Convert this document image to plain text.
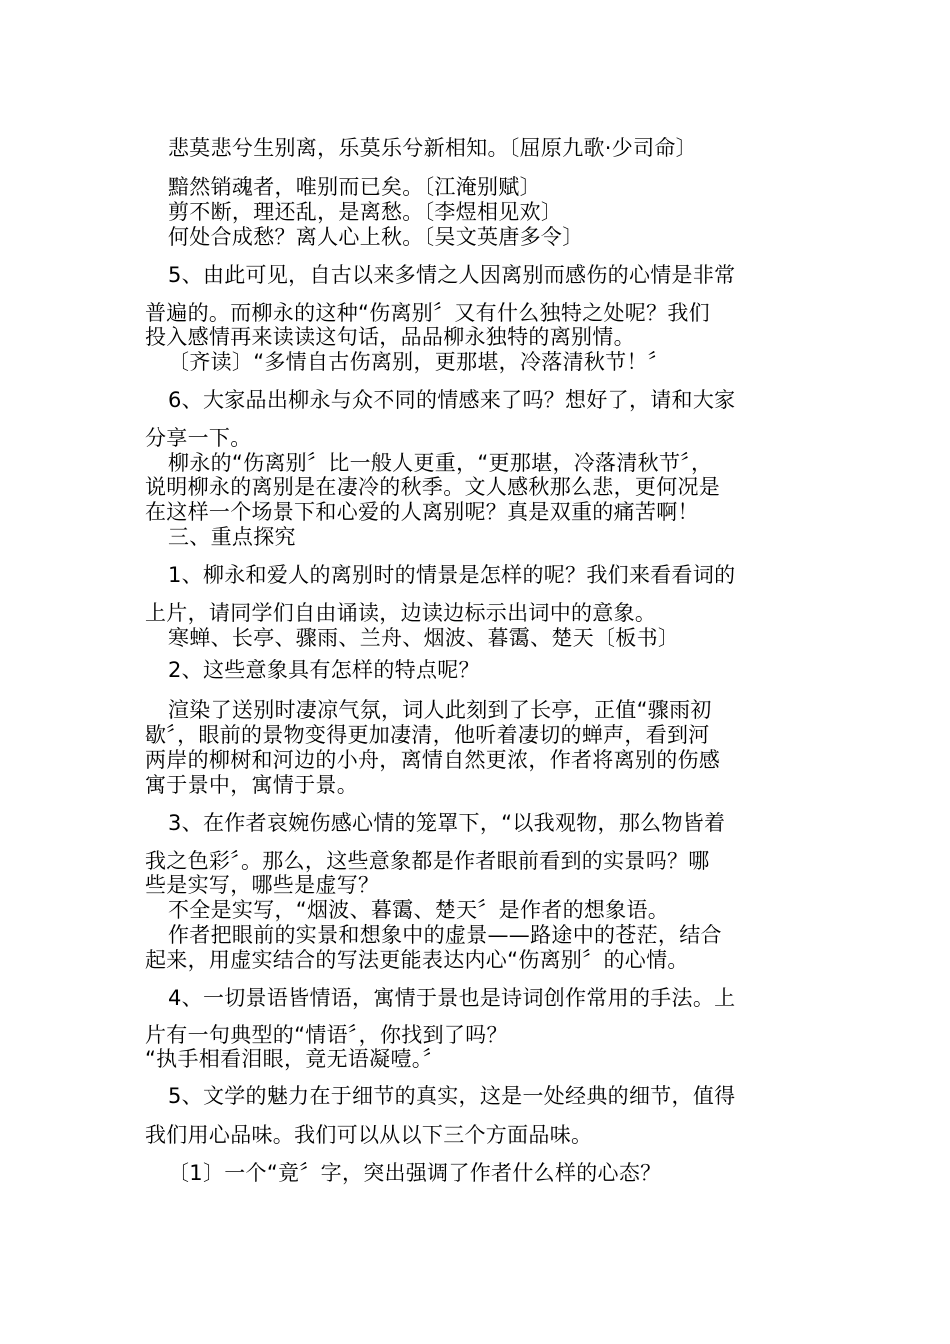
悲莫悲兮生别离，乐莫乐兮新相知。〔屈原九歌·少司命〕
黯然销魂者，唯别而已矣。〔江淹别赋〕
剪不断，理还乱，是离愁。〔李煜相见欢〕
何处合成愁？离人心上秋。〔吴文英唐多令〕
5、由此可见，自古以来多情之人因离别而感伤的心情是非常
普遍的。而柳永的这种“伤离别〞又有什么独特之处呢？我们
投入感情再来读读这句话，品品柳永独特的离别情。
〔齐读〕“多情自古伤离别，更那堪，冷落清秋节！〞
6、大家品出柳永与众不同的情感来了吗？想好了，请和大家
分享一下。
柳永的“伤离别〞比一般人更重，“更那堪，冷落清秋节〞，
说明柳永的离别是在凄冷的秋季。文人感秋那么悲，更何况是
在这样一个场景下和心爱的人离别呢？真是双重的痛苦啊！
三、重点探究
1、柳永和爱人的离别时的情景是怎样的呢？我们来看看词的
上片，请同学们自由诵读，边读边标示出词中的意象。
寒蝉、长亭、骤雨、兰舟、烟波、暮霭、楚天〔板书〕
2、这些意象具有怎样的特点呢？
渲染了送别时凄凉气氛，词人此刻到了长亭，正值“骤雨初
歇〞，眼前的景物变得更加凄清，他听着凄切的蝉声，看到河
两岸的柳树和河边的小舟，离情自然更浓，作者将离别的伤感
寓于景中，寓情于景。
3、在作者哀婉伤感心情的笼罩下，“以我观物，那么物皆着
我之色彩〞。那么，这些意象都是作者眼前看到的实景吗？哪
些是实写，哪些是虚写？
不全是实写，“烟波、暮霭、楚天〞是作者的想象语。
作者把眼前的实景和想象中的虚景——路途中的苍茫，结合
起来，用虚实结合的写法更能表达内心“伤离别〞的心情。
4、一切景语皆情语，寓情于景也是诗词创作常用的手法。上
片有一句典型的“情语〞，你找到了吗？
“执手相看泪眼，竟无语凝噎。〞
5、文学的魅力在于细节的真实，这是一处经典的细节，值得
我们用心品味。我们可以从以下三个方面品味。
〔1〕一个“竟〞字，突出强调了作者什么样的心态？
